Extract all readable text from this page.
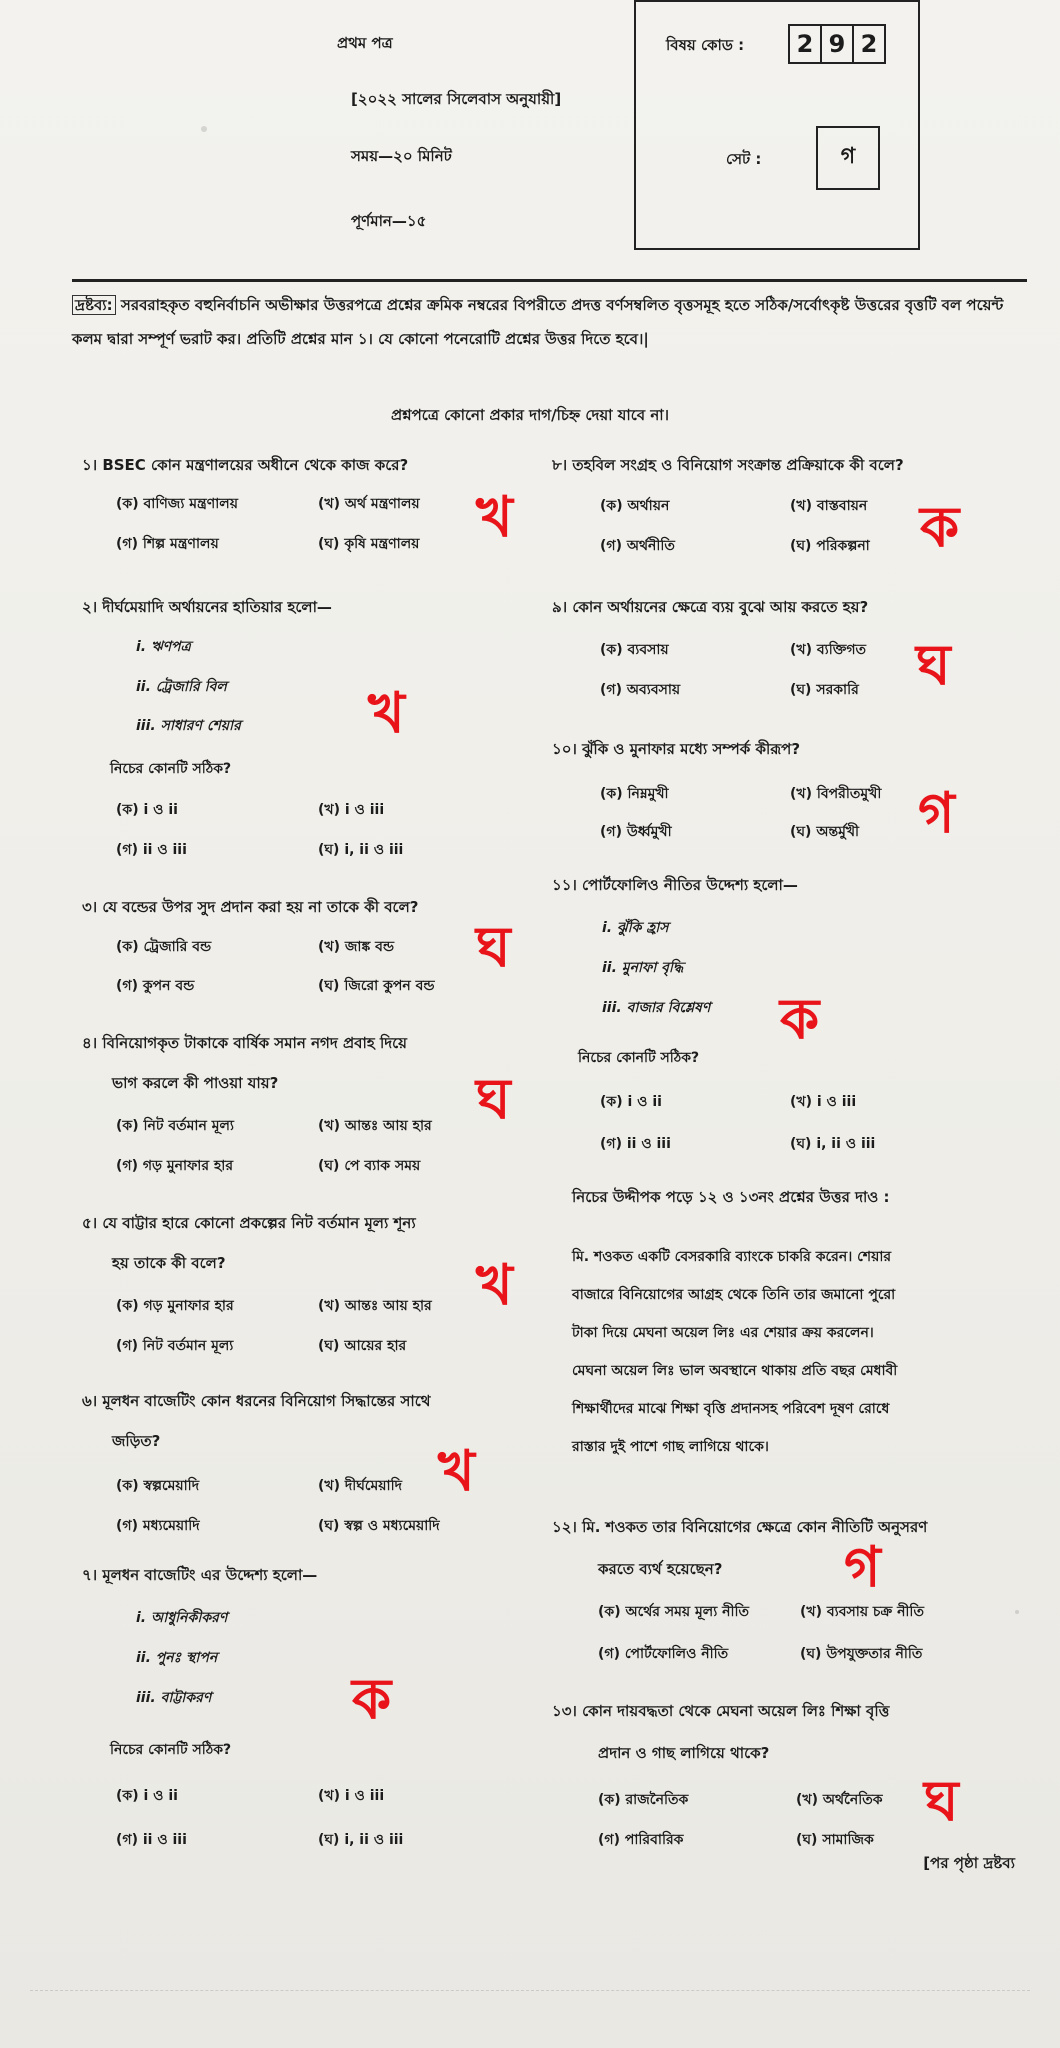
প্রথম পত্র
[২০২২ সালের সিলেবাস অনুযায়ী]
সময়—২০ মিনিট
পূর্ণমান—১৫
বিষয় কোড : 2 9 2
সেট :	গ
দ্রষ্টব্য: সরবরাহকৃত বহুনির্বাচনি অভীক্ষার উত্তরপত্রে প্রশ্নের ক্রমিক নম্বরের বিপরীতে প্রদত্ত বর্ণসম্বলিত বৃত্তসমূহ হতে সঠিক/সর্বোৎকৃষ্ট উত্তরের বৃত্তটি বল পয়েন্ট কলম দ্বারা সম্পূর্ণ ভরাট কর। প্রতিটি প্রশ্নের মান ১। যে কোনো পনেরোটি প্রশ্নের উত্তর দিতে হবে।|
প্রশ্নপত্রে কোনো প্রকার দাগ/চিহ্ন দেয়া যাবে না।
১। BSEC কোন মন্ত্রণালয়ের অধীনে থেকে কাজ করে?
(ক) বাণিজ্য মন্ত্রণালয়	(খ) অর্থ মন্ত্রণালয়
(গ) শিল্প মন্ত্রণালয়	(ঘ) কৃষি মন্ত্রণালয় খ
২। দীর্ঘমেয়াদি অর্থায়নের হাতিয়ার হলো—
i. ঋণপত্র
ii. ট্রেজারি বিল
iii. সাধারণ শেয়ার
নিচের কোনটি সঠিক?
(ক) i ও ii	(খ) i ও iii
(গ) ii ও iii	(ঘ) i, ii ও iii
খ
৩। যে বন্ডের উপর সুদ প্রদান করা হয় না তাকে কী বলে?
(ক) ট্রেজারি বন্ড	(খ) জাঙ্ক বন্ড
(গ) কুপন বন্ড	(ঘ) জিরো কুপন বন্ড
ঘ
৪। বিনিয়োগকৃত টাকাকে বার্ষিক সমান নগদ প্রবাহ দিয়ে
ভাগ করলে কী পাওয়া যায়?
(ক) নিট বর্তমান মূল্য	(খ) আন্তঃ আয় হার
(গ) গড় মুনাফার হার	(ঘ) পে ব্যাক সময়
ঘ
৫। যে বাট্টার হারে কোনো প্রকল্পের নিট বর্তমান মূল্য শূন্য
হয় তাকে কী বলে?
(ক) গড় মুনাফার হার	(খ) আন্তঃ আয় হার
(গ) নিট বর্তমান মূল্য	(ঘ) আয়ের হার
খ
৬। মূলধন বাজেটিং কোন ধরনের বিনিয়োগ সিদ্ধান্তের সাথে
জড়িত?
(ক) স্বল্পমেয়াদি	(খ) দীর্ঘমেয়াদি
(গ) মধ্যমেয়াদি	(ঘ) স্বল্প ও মধ্যমেয়াদি
খ
৭। মূলধন বাজেটিং এর উদ্দেশ্য হলো—
i. আধুনিকীকরণ
ii. পুনঃ স্থাপন
iii. বাট্টাকরণ
নিচের কোনটি সঠিক?
(ক) i ও ii	(খ) i ও iii
(গ) ii ও iii	(ঘ) i, ii ও iii
ক
৮। তহবিল সংগ্রহ ও বিনিয়োগ সংক্রান্ত প্রক্রিয়াকে কী বলে?
(ক) অর্থায়ন	(খ) বাস্তবায়ন
(গ) অর্থনীতি	(ঘ) পরিকল্পনা ক
৯। কোন অর্থায়নের ক্ষেত্রে ব্যয় বুঝে আয় করতে হয়?
(ক) ব্যবসায়	(খ) ব্যক্তিগত
(গ) অব্যবসায়	(ঘ) সরকারি ঘ
১০। ঝুঁকি ও মুনাফার মধ্যে সম্পর্ক কীরূপ?
(ক) নিম্নমুখী	(খ) বিপরীতমুখী
(গ) উর্ধ্বমুখী	(ঘ) অন্তর্মুখী গ
১১। পোর্টফোলিও নীতির উদ্দেশ্য হলো—
i. ঝুঁকি হ্রাস
ii. মুনাফা বৃদ্ধি
iii. বাজার বিশ্লেষণ
নিচের কোনটি সঠিক?
(ক) i ও ii	(খ) i ও iii
(গ) ii ও iii	(ঘ) i, ii ও iii
ক
নিচের উদ্দীপক পড়ে ১২ ও ১৩নং প্রশ্নের উত্তর দাও :
মি. শওকত একটি বেসরকারি ব্যাংকে চাকরি করেন। শেয়ার
বাজারে বিনিয়োগের আগ্রহ থেকে তিনি তার জমানো পুরো
টাকা দিয়ে মেঘনা অয়েল লিঃ এর শেয়ার ক্রয় করলেন।
মেঘনা অয়েল লিঃ ভাল অবস্থানে থাকায় প্রতি বছর মেধাবী
শিক্ষার্থীদের মাঝে শিক্ষা বৃত্তি প্রদানসহ পরিবেশ দূষণ রোধে
রাস্তার দুই পাশে গাছ লাগিয়ে থাকে।
১২। মি. শওকত তার বিনিয়োগের ক্ষেত্রে কোন নীতিটি অনুসরণ
করতে ব্যর্থ হয়েছেন?
(ক) অর্থের সময় মূল্য নীতি	(খ) ব্যবসায় চক্র নীতি
(গ) পোর্টফোলিও নীতি	(ঘ) উপযুক্ততার নীতি
গ
১৩। কোন দায়বদ্ধতা থেকে মেঘনা অয়েল লিঃ শিক্ষা বৃত্তি
প্রদান ও গাছ লাগিয়ে থাকে?
(ক) রাজনৈতিক	(খ) অর্থনৈতিক
(গ) পারিবারিক	(ঘ) সামাজিক
ঘ
[পর পৃষ্ঠা দ্রষ্টব্য
